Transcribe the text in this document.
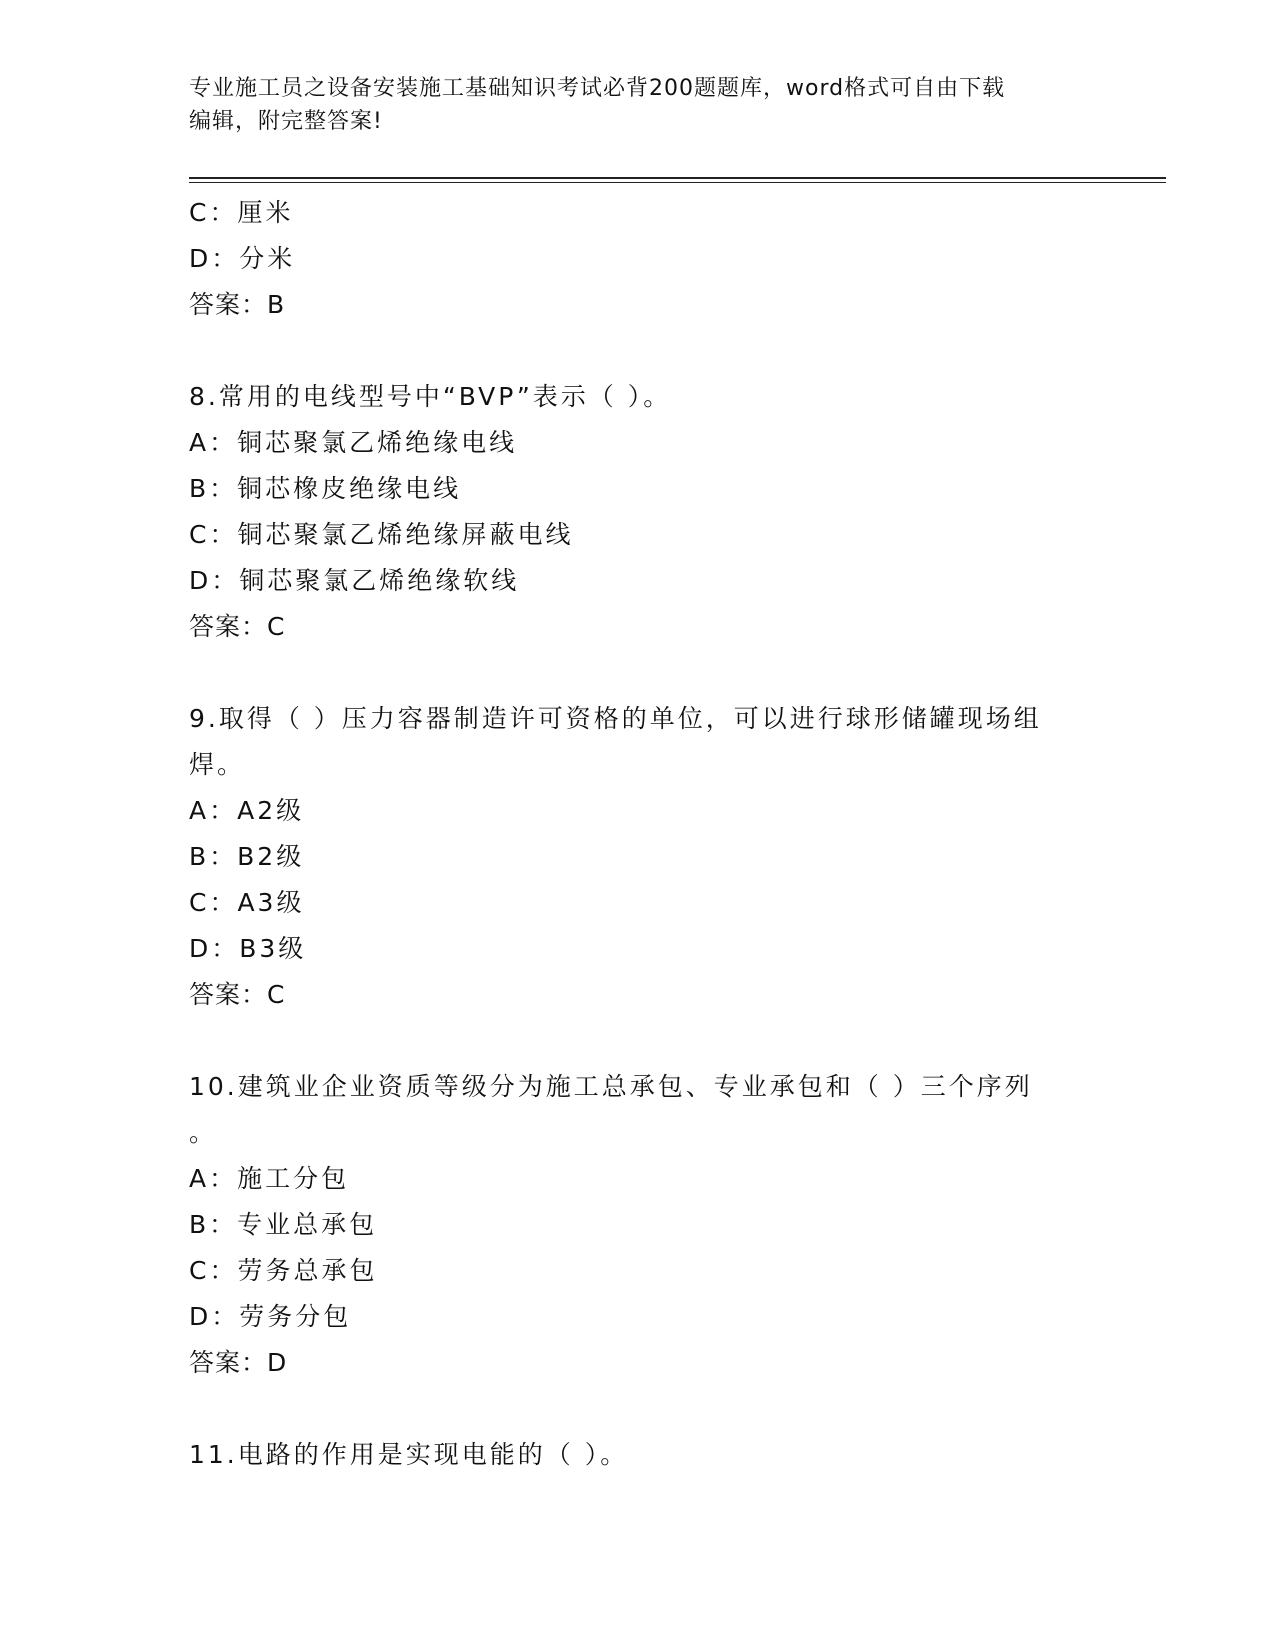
专业施工员之设备安装施工基础知识考试必背200题题库，word格式可自由下载
编辑，附完整答案!
C：厘米
D：分米
答案：B
8.常用的电线型号中“BVP”表示（ ）。
A：铜芯聚氯乙烯绝缘电线
B：铜芯橡皮绝缘电线
C：铜芯聚氯乙烯绝缘屏蔽电线
D：铜芯聚氯乙烯绝缘软线
答案：C
9.取得（ ）压力容器制造许可资格的单位，可以进行球形储罐现场组
焊。
A：A2级
B：B2级
C：A3级
D：B3级
答案：C
10.建筑业企业资质等级分为施工总承包、专业承包和（ ）三个序列
。
A：施工分包
B：专业总承包
C：劳务总承包
D：劳务分包
答案：D
11.电路的作用是实现电能的（ ）。
